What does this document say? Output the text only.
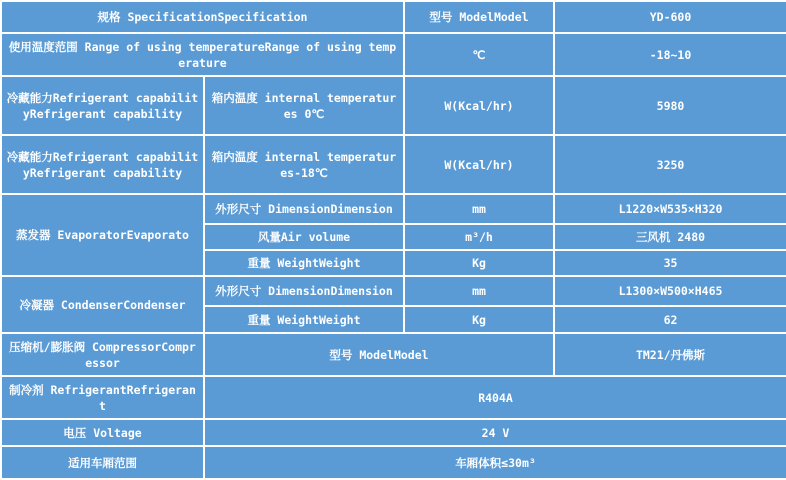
规格 SpecificationSpecification		型号 ModelModel	YD-600
使用温度范围 Range of using temperatureRange of using temperature		℃	-18~10
冷藏能力Refrigerant capabilityRefrigerant capability	箱内温度 internal temperatures 0℃	W(Kcal/hr)	5980
冷藏能力Refrigerant capabilityRefrigerant capability	箱内温度 internal temperatures-18℃	W(Kcal/hr)	3250
蒸发器 EvaporatorEvaporato	外形尺寸 DimensionDimension	mm	L1220×W535×H320
	风量Air volume	m³/h	三风机 2480
	重量 WeightWeight	Kg	35
冷凝器 CondenserCondenser	外形尺寸 DimensionDimension	mm	L1300×W500×H465
	重量 WeightWeight	Kg	62
压缩机/膨胀阀 CompressorCompressor	型号 ModelModel		TM21/丹佛斯
制冷剂 RefrigerantRefrigerant	R404A		
电压 Voltage	24 V		
适用车厢范围	车厢体积≤30m³		
